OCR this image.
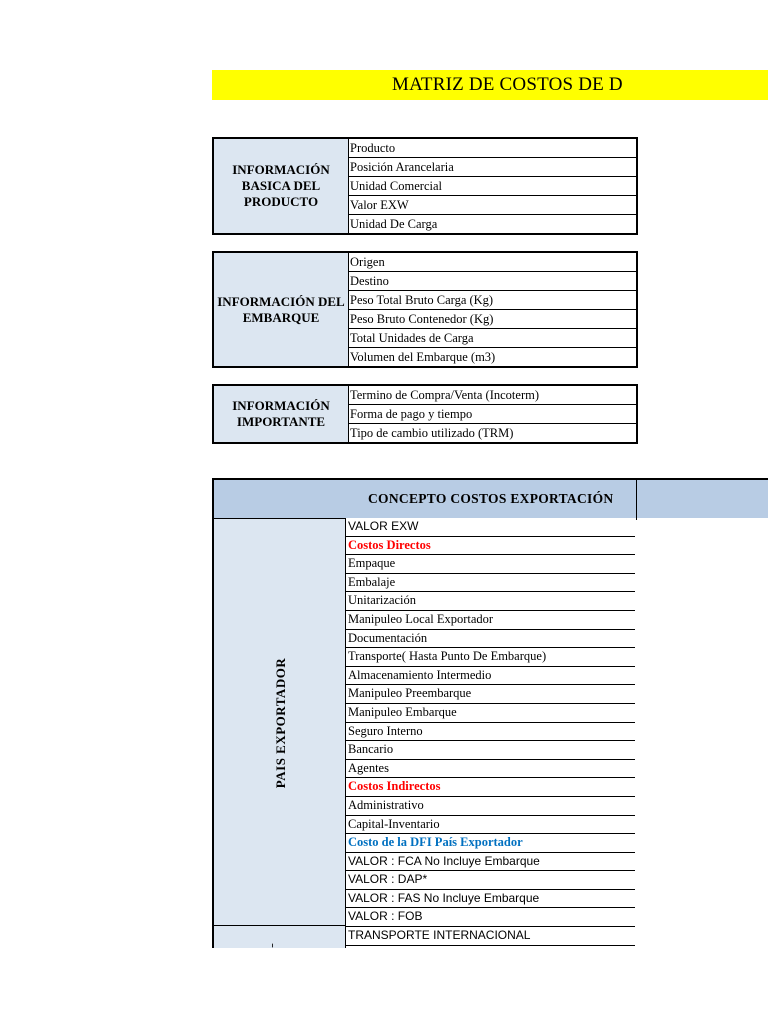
MATRIZ DE COSTOS DE D
INFORMACIÓN BASICA DEL PRODUCTO	Producto
Posición Arancelaria
Unidad Comercial
Valor EXW
Unidad De Carga
INFORMACIÓN DEL EMBARQUE	Origen
Destino
Peso Total Bruto Carga (Kg)
Peso Bruto Contenedor (Kg)
Total Unidades de Carga
Volumen del Embarque (m3)
INFORMACIÓN IMPORTANTE	Termino de Compra/Venta (Incoterm)
Forma de pago y tiempo
Tipo de cambio utilizado (TRM)
CONCEPTO COSTOS EXPORTACIÓN
PAIS EXPORTADOR
ˉ
VALOR EXW
Costos Directos
Empaque
Embalaje
Unitarización
Manipuleo Local Exportador
Documentación
Transporte( Hasta Punto De Embarque)
Almacenamiento Intermedio
Manipuleo Preembarque
Manipuleo Embarque
Seguro Interno
Bancario
Agentes
Costos Indirectos
Administrativo
Capital-Inventario
Costo de la DFI País Exportador
VALOR : FCA No Incluye Embarque
VALOR : DAP*
VALOR : FAS No Incluye Embarque
VALOR : FOB
TRANSPORTE INTERNACIONAL
